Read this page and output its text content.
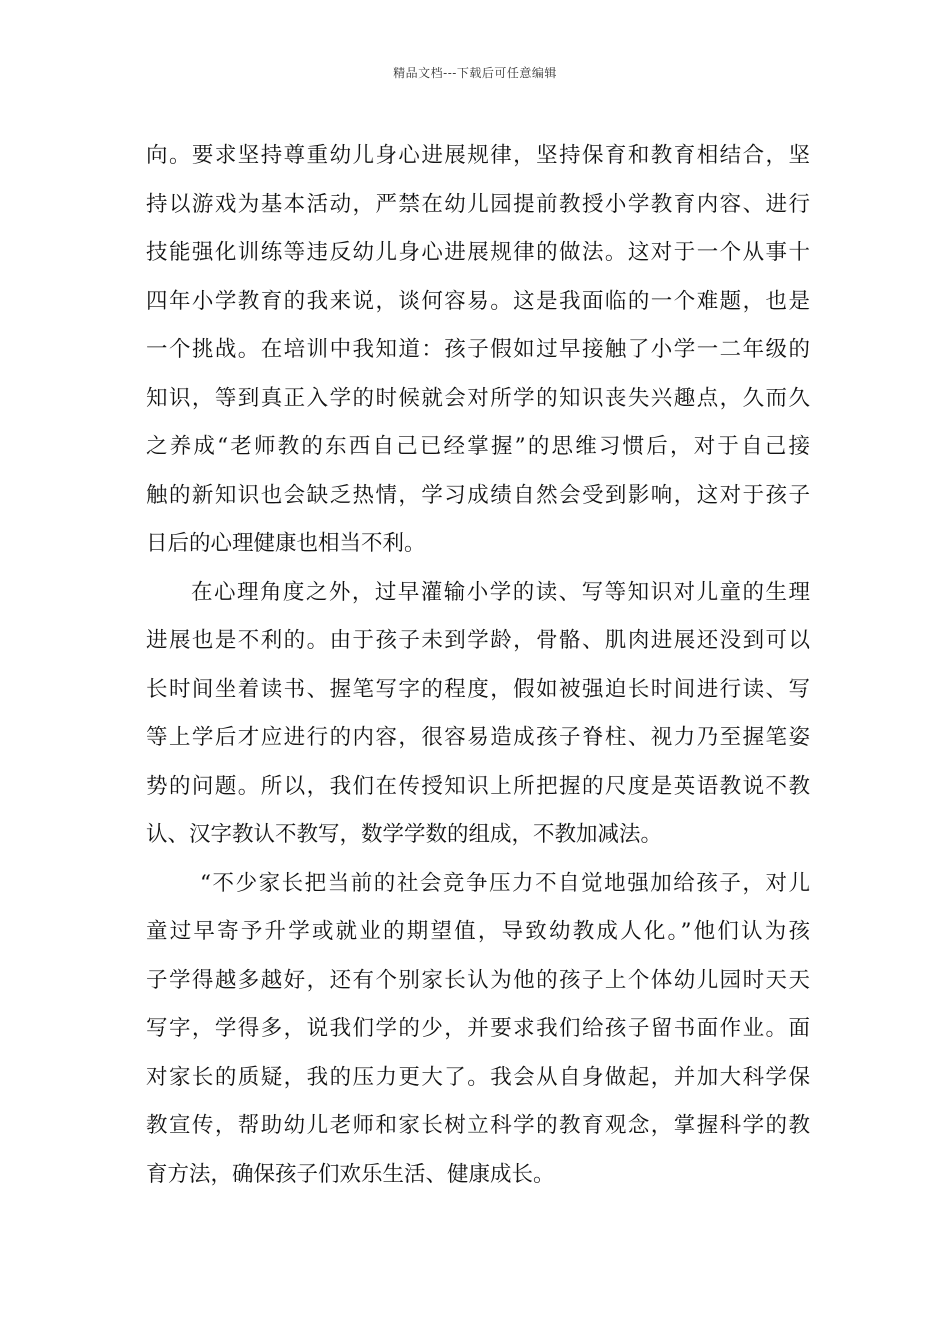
精品文档---下载后可任意编辑
向。要求坚持尊重幼儿身心进展规律，坚持保育和教育相结合，坚
持以游戏为基本活动，严禁在幼儿园提前教授小学教育内容、进行
技能强化训练等违反幼儿身心进展规律的做法。这对于一个从事十
四年小学教育的我来说，谈何容易。这是我面临的一个难题，也是
一个挑战。在培训中我知道：孩子假如过早接触了小学一二年级的
知识，等到真正入学的时候就会对所学的知识丧失兴趣点，久而久
之养成“老师教的东西自己已经掌握”的思维习惯后，对于自己接
触的新知识也会缺乏热情，学习成绩自然会受到影响，这对于孩子
日后的心理健康也相当不利。
在心理角度之外，过早灌输小学的读、写等知识对儿童的生理
进展也是不利的。由于孩子未到学龄，骨骼、肌肉进展还没到可以
长时间坐着读书、握笔写字的程度，假如被强迫长时间进行读、写
等上学后才应进行的内容，很容易造成孩子脊柱、视力乃至握笔姿
势的问题。所以，我们在传授知识上所把握的尺度是英语教说不教
认、汉字教认不教写，数学学数的组成，不教加减法。
“不少家长把当前的社会竞争压力不自觉地强加给孩子，对儿
童过早寄予升学或就业的期望值，导致幼教成人化。”他们认为孩
子学得越多越好，还有个别家长认为他的孩子上个体幼儿园时天天
写字，学得多，说我们学的少，并要求我们给孩子留书面作业。面
对家长的质疑，我的压力更大了。我会从自身做起，并加大科学保
教宣传，帮助幼儿老师和家长树立科学的教育观念，掌握科学的教
育方法，确保孩子们欢乐生活、健康成长。
